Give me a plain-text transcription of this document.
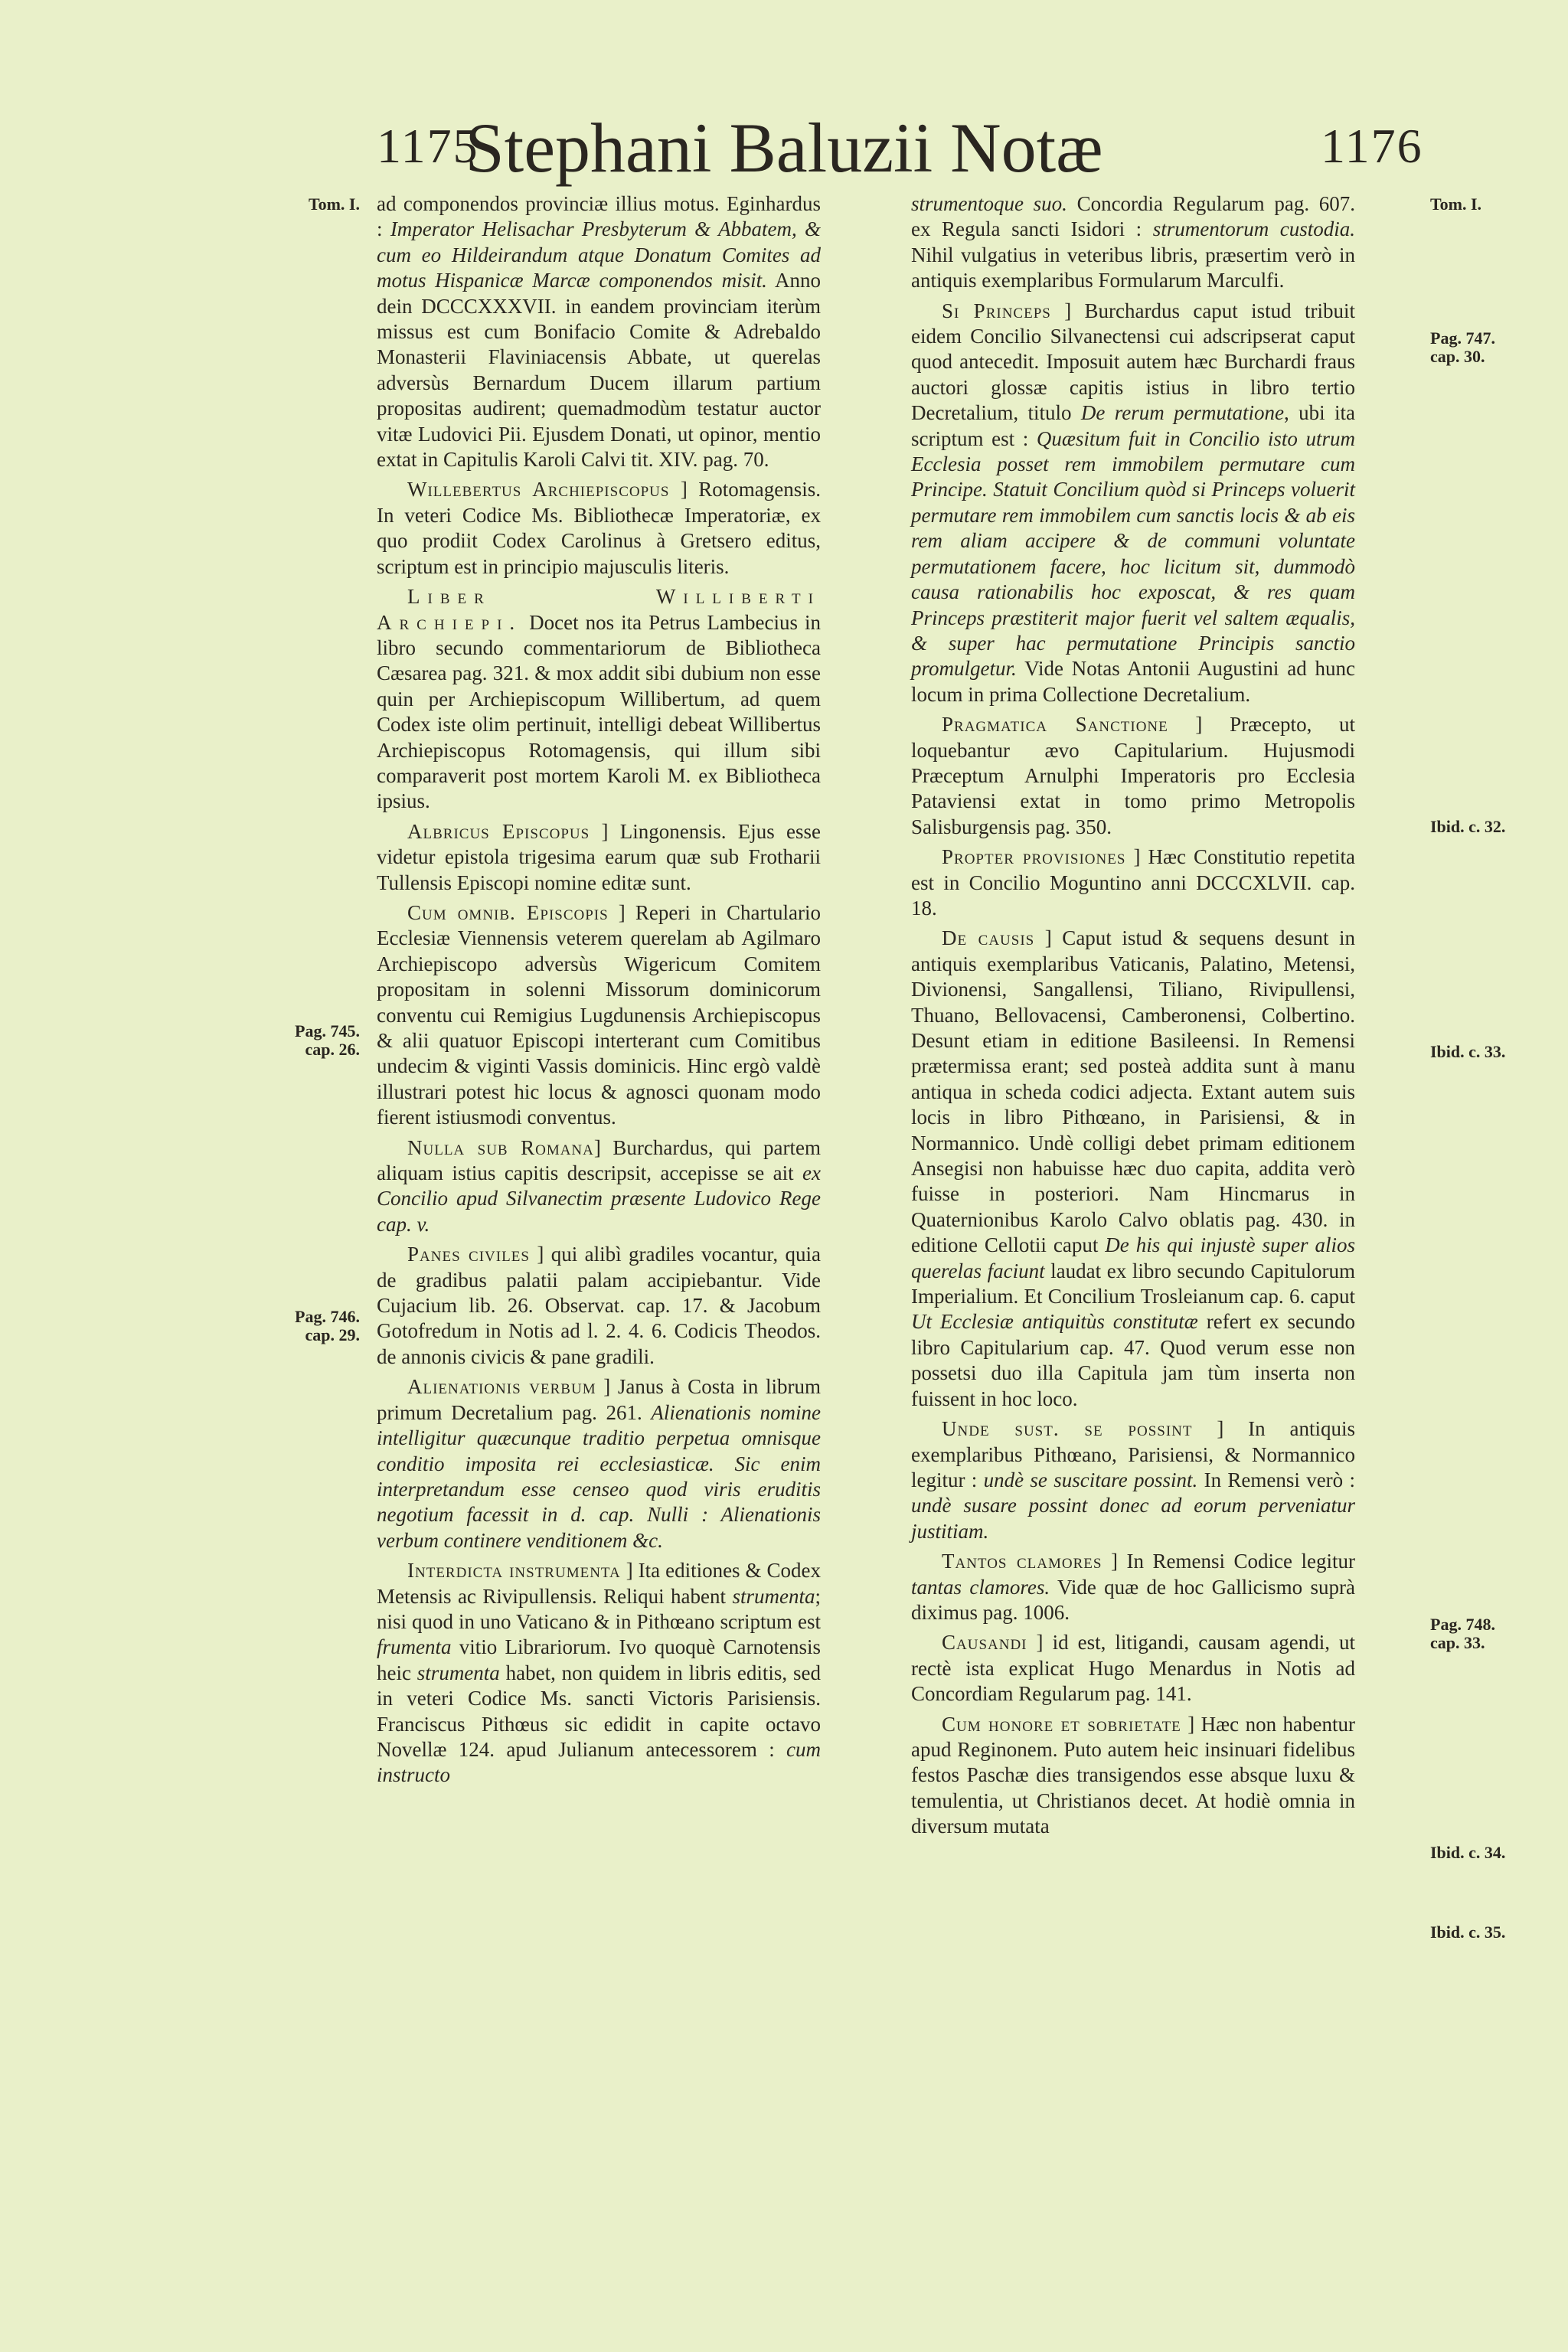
1175
Stephani Baluzii Notæ	1176
Tom. I.
Pag. 745.
cap. 26.
Pag. 746.
cap. 29.
Tom. I.
Pag. 747.
cap. 30.
Ibid. c. 32.
Ibid. c. 33.
Pag. 748.
cap. 33.
Ibid. c. 34.
Ibid. c. 35.

ad componendos provinciæ illius motus. Eginhardus : Imperator Helisachar Presbyterum & Abbatem, & cum eo Hildeirandum atque Donatum Comites ad motus Hispanicæ Marcæ componendos misit. Anno dein DCCCXXXVII. in eandem provinciam iterùm missus est cum Bonifacio Comite & Adrebaldo Monasterii Flaviniacensis Abbate, ut querelas adversùs Bernardum Ducem illarum partium propositas audirent; quemadmodùm testatur auctor vitæ Ludovici Pii. Ejusdem Donati, ut opinor, mentio extat in Capitulis Karoli Calvi tit. XIV. pag. 70.

Willebertus Archiepiscopus ] Rotomagensis. In veteri Codice Ms. Bibliothecæ Imperatoriæ, ex quo prodiit Codex Carolinus à Gretsero editus, scriptum est in principio majusculis literis.

Liber Williberti Archiepi. Docet nos ita Petrus Lambecius in libro secundo commentariorum de Bibliotheca Cæsarea pag. 321. & mox addit sibi dubium non esse quin per Archiepiscopum Willibertum, ad quem Codex iste olim pertinuit, intelligi debeat Willibertus Archiepiscopus Rotomagensis, qui illum sibi comparaverit post mortem Karoli M. ex Bibliotheca ipsius.

Albricus Episcopus ] Lingonensis. Ejus esse videtur epistola trigesima earum quæ sub Frotharii Tullensis Episcopi nomine editæ sunt.

Cum omnib. Episcopis ] Reperi in Chartulario Ecclesiæ Viennensis veterem querelam ab Agilmaro Archiepiscopo adversùs Wigericum Comitem propositam in solenni Missorum dominicorum conventu cui Remigius Lugdunensis Archiepiscopus & alii quatuor Episcopi interterant cum Comitibus undecim & viginti Vassis dominicis. Hinc ergò valdè illustrari potest hic locus & agnosci quonam modo fierent istiusmodi conventus.

Nulla sub Romana] Burchardus, qui partem aliquam istius capitis descripsit, accepisse se ait ex Concilio apud Silvanectim præsente Ludovico Rege cap. v.

Panes civiles ] qui alibì gradiles vocantur, quia de gradibus palatii palam accipiebantur. Vide Cujacium lib. 26. Observat. cap. 17. & Jacobum Gotofredum in Notis ad l. 2. 4. 6. Codicis Theodos. de annonis civicis & pane gradili.

Alienationis verbum ] Janus à Costa in librum primum Decretalium pag. 261. Alienationis nomine intelligitur quæcunque traditio perpetua omnisque conditio imposita rei ecclesiasticæ. Sic enim interpretandum esse censeo quod viris eruditis negotium facessit in d. cap. Nulli : Alienationis verbum continere venditionem &c.

Interdicta instrumenta ] Ita editiones & Codex Metensis ac Rivipullensis. Reliqui habent strumenta; nisi quod in uno Vaticano & in Pithœano scriptum est frumenta vitio Librariorum. Ivo quoquè Carnotensis heic strumenta habet, non quidem in libris editis, sed in veteri Codice Ms. sancti Victoris Parisiensis. Franciscus Pithœus sic edidit in capite octavo Novellæ 124. apud Julianum antecessorem : cum instructo

strumentoque suo. Concordia Regularum pag. 607. ex Regula sancti Isidori : strumentorum custodia. Nihil vulgatius in veteribus libris, præsertim verò in antiquis exemplaribus Formularum Marculfi.

Si Princeps ] Burchardus caput istud tribuit eidem Concilio Silvanectensi cui adscripserat caput quod antecedit. Imposuit autem hæc Burchardi fraus auctori glossæ capitis istius in libro tertio Decretalium, titulo De rerum permutatione, ubi ita scriptum est : Quæsitum fuit in Concilio isto utrum Ecclesia posset rem immobilem permutare cum Principe. Statuit Concilium quòd si Princeps voluerit permutare rem immobilem cum sanctis locis & ab eis rem aliam accipere & de communi voluntate permutationem facere, hoc licitum sit, dummodò causa rationabilis hoc exposcat, & res quam Princeps præstiterit major fuerit vel saltem æqualis, & super hac permutatione Principis sanctio promulgetur. Vide Notas Antonii Augustini ad hunc locum in prima Collectione Decretalium.

Pragmatica Sanctione ] Præcepto, ut loquebantur ævo Capitularium. Hujusmodi Præceptum Arnulphi Imperatoris pro Ecclesia Pataviensi extat in tomo primo Metropolis Salisburgensis pag. 350.

Propter provisiones ] Hæc Constitutio repetita est in Concilio Moguntino anni DCCCXLVII. cap. 18.

De causis ] Caput istud & sequens desunt in antiquis exemplaribus Vaticanis, Palatino, Metensi, Divionensi, Sangallensi, Tiliano, Rivipullensi, Thuano, Bellovacensi, Camberonensi, Colbertino. Desunt etiam in editione Basileensi. In Remensi prætermissa erant; sed posteà addita sunt à manu antiqua in scheda codici adjecta. Extant autem suis locis in libro Pithœano, in Parisiensi, & in Normannico. Undè colligi debet primam editionem Ansegisi non habuisse hæc duo capita, addita verò fuisse in posteriori. Nam Hincmarus in Quaternionibus Karolo Calvo oblatis pag. 430. in editione Cellotii caput De his qui injustè super alios querelas faciunt laudat ex libro secundo Capitulorum Imperialium. Et Concilium Trosleianum cap. 6. caput Ut Ecclesiæ antiquitùs constitutæ refert ex secundo libro Capitularium cap. 47. Quod verum esse non possetsi duo illa Capitula jam tùm inserta non fuissent in hoc loco.

Unde sust. se possint ] In antiquis exemplaribus Pithœano, Parisiensi, & Normannico legitur : undè se suscitare possint. In Remensi verò : undè susare possint donec ad eorum perveniatur justitiam.

Tantos clamores ] In Remensi Codice legitur tantas clamores. Vide quæ de hoc Gallicismo suprà diximus pag. 1006.

Causandi ] id est, litigandi, causam agendi, ut rectè ista explicat Hugo Menardus in Notis ad Concordiam Regularum pag. 141.

Cum honore et sobrietate ] Hæc non habentur apud Reginonem. Puto autem heic insinuari fidelibus festos Paschæ dies transigendos esse absque luxu & temulentia, ut Christianos decet. At hodiè omnia in diversum mutata
